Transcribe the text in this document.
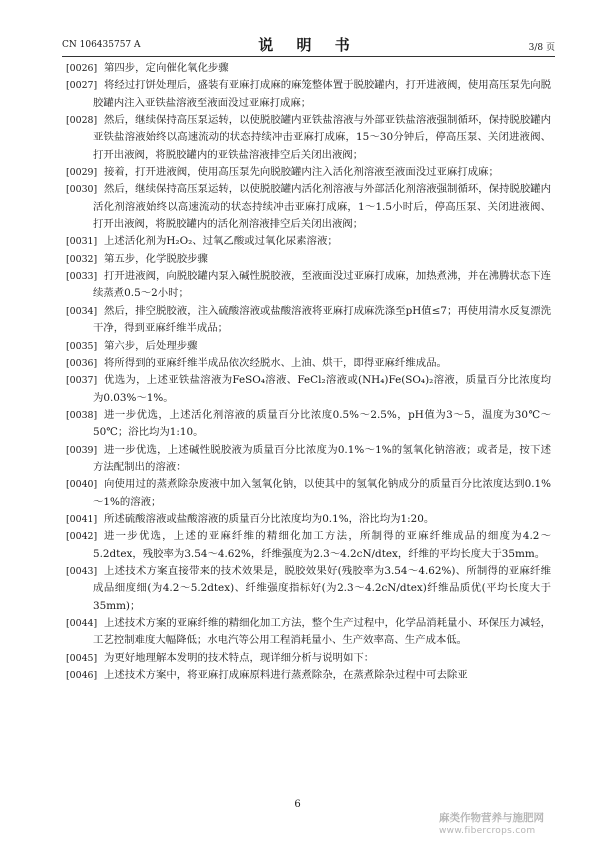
CN 106435757 A	说 明 书	3/8 页
[0026] 第四步，定向催化氧化步骤
[0027] 将经过打饼处理后，盛装有亚麻打成麻的麻笼整体置于脱胶罐内，打开进液阀，使用高压泵先向脱胶罐内注入亚铁盐溶液至液面没过亚麻打成麻；
[0028] 然后，继续保持高压泵运转，以使脱胶罐内亚铁盐溶液与外部亚铁盐溶液强制循环，保持脱胶罐内亚铁盐溶液始终以高速流动的状态持续冲击亚麻打成麻，15～30分钟后，停高压泵、关闭进液阀、打开出液阀，将脱胶罐内的亚铁盐溶液排空后关闭出液阀；
[0029] 接着，打开进液阀，使用高压泵先向脱胶罐内注入活化剂溶液至液面没过亚麻打成麻；
[0030] 然后，继续保持高压泵运转，以使脱胶罐内活化剂溶液与外部活化剂溶液强制循环，保持脱胶罐内活化剂溶液始终以高速流动的状态持续冲击亚麻打成麻，1～1.5小时后，停高压泵、关闭进液阀、打开出液阀，将脱胶罐内的活化剂溶液排空后关闭出液阀；
[0031] 上述活化剂为H₂O₂、过氧乙酸或过氧化尿素溶液；
[0032] 第五步，化学脱胶步骤
[0033] 打开进液阀，向脱胶罐内泵入碱性脱胶液，至液面没过亚麻打成麻，加热煮沸，并在沸腾状态下连续蒸煮0.5～2小时；
[0034] 然后，排空脱胶液，注入硫酸溶液或盐酸溶液将亚麻打成麻洗涤至pH值≤7；再使用清水反复漂洗干净，得到亚麻纤维半成品；
[0035] 第六步，后处理步骤
[0036] 将所得到的亚麻纤维半成品依次经脱水、上油、烘干，即得亚麻纤维成品。
[0037] 优选为，上述亚铁盐溶液为FeSO₄溶液、FeCl₂溶液或(NH₄)Fe(SO₄)₂溶液，质量百分比浓度均为0.03%～1%。
[0038] 进一步优选，上述活化剂溶液的质量百分比浓度0.5%～2.5%，pH值为3～5，温度为30℃～50℃；浴比均为1:10。
[0039] 进一步优选，上述碱性脱胶液为质量百分比浓度为0.1%～1%的氢氧化钠溶液；或者是，按下述方法配制出的溶液：
[0040] 向使用过的蒸煮除杂废液中加入氢氧化钠，以使其中的氢氧化钠成分的质量百分比浓度达到0.1%～1%的溶液；
[0041] 所述硫酸溶液或盐酸溶液的质量百分比浓度均为0.1%，浴比均为1:20。
[0042] 进一步优选，上述的亚麻纤维的精细化加工方法，所制得的亚麻纤维成品的细度为4.2～5.2dtex，残胶率为3.54～4.62%，纤维强度为2.3～4.2cN/dtex，纤维的平均长度大于35mm。
[0043] 上述技术方案直接带来的技术效果是，脱胶效果好(残胶率为3.54～4.62%)、所制得的亚麻纤维成品细度细(为4.2～5.2dtex)、纤维强度指标好(为2.3～4.2cN/dtex)纤维品质优(平均长度大于35mm)；
[0044] 上述技术方案的亚麻纤维的精细化加工方法，整个生产过程中，化学品消耗量小、环保压力减轻，工艺控制难度大幅降低；水电汽等公用工程消耗量小、生产效率高、生产成本低。
[0045] 为更好地理解本发明的技术特点，现详细分析与说明如下：
[0046] 上述技术方案中，将亚麻打成麻原料进行蒸煮除杂，在蒸煮除杂过程中可去除亚
6
麻类作物营养与施肥网
www.fibercrops.com
